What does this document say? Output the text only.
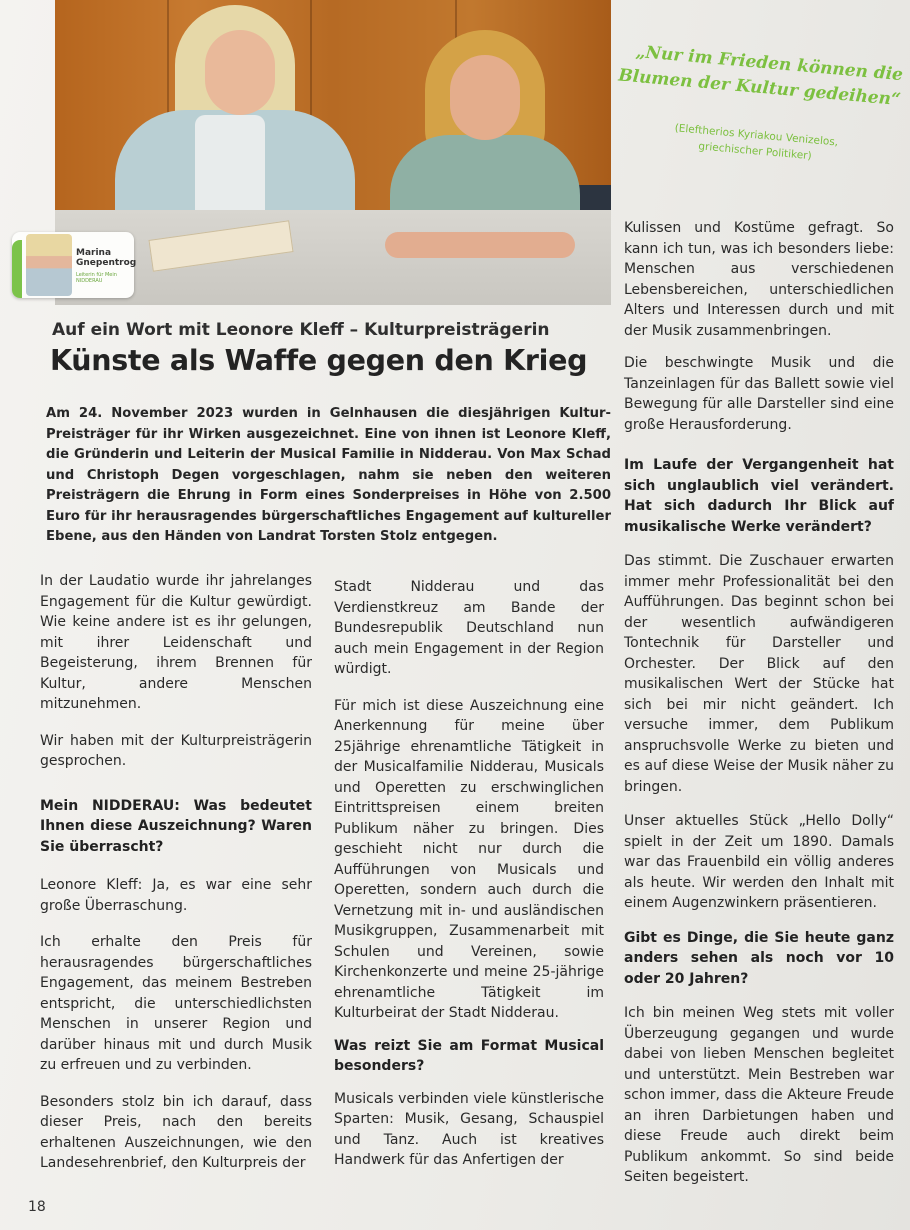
Marina Gnepentrog
Leiterin für Mein NIDDERAU
„Nur im Frieden können die Blumen der Kultur gedeihen“
(Eleftherios Kyriakou Venizelos, griechischer Politiker)
Auf ein Wort mit Leonore Kleff – Kulturpreisträgerin
Künste als Waffe gegen den Krieg
Am 24. November 2023 wurden in Gelnhausen die diesjährigen Kultur-Preisträger für ihr Wirken ausgezeichnet. Eine von ihnen ist Leonore Kleff, die Gründerin und Leiterin der Musical Familie in Nidderau. Von Max Schad und Christoph Degen vorgeschlagen, nahm sie neben den weiteren Preisträgern die Ehrung in Form eines Sonderpreises in Höhe von 2.500 Euro für ihr herausragendes bürgerschaftliches Engagement auf kultureller Ebene, aus den Händen von Landrat Torsten Stolz entgegen.

In der Laudatio wurde ihr jahrelanges Engagement für die Kultur gewürdigt. Wie keine andere ist es ihr gelungen, mit ihrer Leidenschaft und Begeisterung, ihrem Brennen für Kultur, andere Menschen mitzunehmen.

Wir haben mit der Kulturpreisträgerin gesprochen.

Mein NIDDERAU: Was bedeutet Ihnen diese Auszeichnung? Waren Sie überrascht?

Leonore Kleff: Ja, es war eine sehr große Überraschung.

Ich erhalte den Preis für herausragendes bürgerschaftliches Engagement, das meinem Bestreben entspricht, die unterschiedlichsten Menschen in unserer Region und darüber hinaus mit und durch Musik zu erfreuen und zu verbinden.

Besonders stolz bin ich darauf, dass dieser Preis, nach den bereits erhaltenen Auszeichnungen, wie den Landesehrenbrief, den Kulturpreis der

Stadt Nidderau und das Verdienstkreuz am Bande der Bundesrepublik Deutschland nun auch mein Engagement in der Region würdigt.

Für mich ist diese Auszeichnung eine Anerkennung für meine über 25jährige ehrenamtliche Tätigkeit in der Musicalfamilie Nidderau, Musicals und Operetten zu erschwinglichen Eintrittspreisen einem breiten Publikum näher zu bringen. Dies geschieht nicht nur durch die Aufführungen von Musicals und Operetten, sondern auch durch die Vernetzung mit in- und ausländischen Musikgruppen, Zusammenarbeit mit Schulen und Vereinen, sowie Kirchenkonzerte und meine 25-jährige ehrenamtliche Tätigkeit im Kulturbeirat der Stadt Nidderau.

Was reizt Sie am Format Musical besonders?

Musicals verbinden viele künstlerische Sparten: Musik, Gesang, Schauspiel und Tanz. Auch ist kreatives Handwerk für das Anfertigen der

Kulissen und Kostüme gefragt. So kann ich tun, was ich besonders liebe: Menschen aus verschiedenen Lebensbereichen, unterschiedlichen Alters und Interessen durch und mit der Musik zusammenbringen.

Die beschwingte Musik und die Tanzeinlagen für das Ballett sowie viel Bewegung für alle Darsteller sind eine große Herausforderung.

Im Laufe der Vergangenheit hat sich unglaublich viel verändert. Hat sich dadurch Ihr Blick auf musikalische Werke verändert?

Das stimmt. Die Zuschauer erwarten immer mehr Professionalität bei den Aufführungen. Das beginnt schon bei der wesentlich aufwändigeren Tontechnik für Darsteller und Orchester. Der Blick auf den musikalischen Wert der Stücke hat sich bei mir nicht geändert. Ich versuche immer, dem Publikum anspruchsvolle Werke zu bieten und es auf diese Weise der Musik näher zu bringen.

Unser aktuelles Stück „Hello Dolly“ spielt in der Zeit um 1890. Damals war das Frauenbild ein völlig anderes als heute. Wir werden den Inhalt mit einem Augenzwinkern präsentieren.

Gibt es Dinge, die Sie heute ganz anders sehen als noch vor 10 oder 20 Jahren?

Ich bin meinen Weg stets mit voller Überzeugung gegangen und wurde dabei von lieben Menschen begleitet und unterstützt. Mein Bestreben war schon immer, dass die Akteure Freude an ihren Darbietungen haben und diese Freude auch direkt beim Publikum ankommt. So sind beide Seiten begeistert.

18
